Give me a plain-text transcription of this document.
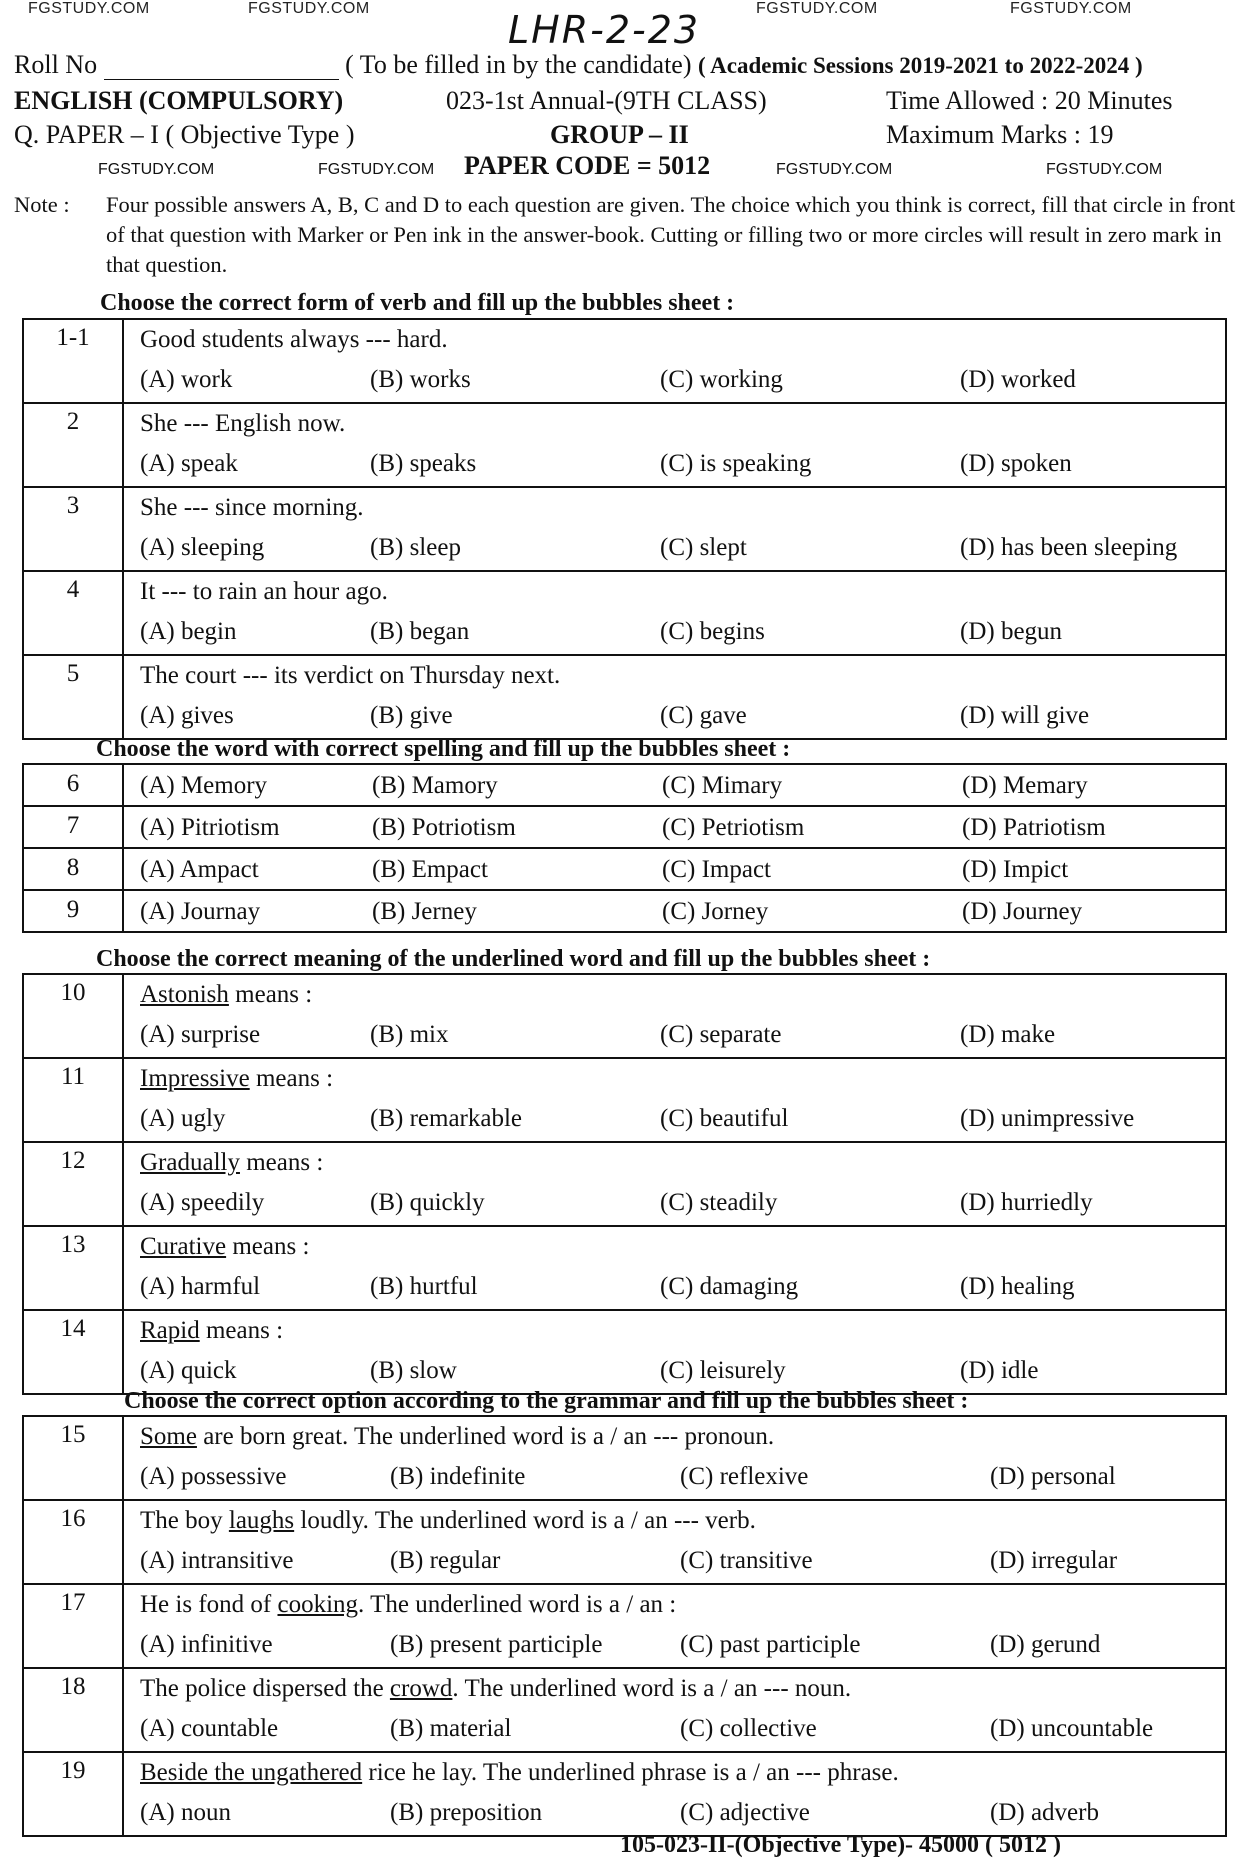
FGSTUDY.COM	FGSTUDY.COM	FGSTUDY.COM	FGSTUDY.COM
LHR-2-23
Roll No	( To be filled in by the candidate) ( Academic Sessions 2019-2021 to 2022-2024 )
ENGLISH (COMPULSORY)	023-1st Annual-(9TH CLASS)	Time Allowed : 20 Minutes
Q. PAPER – I ( Objective Type )	GROUP – II	Maximum Marks : 19
FGSTUDY.COM	FGSTUDY.COM PAPER CODE = 5012	FGSTUDY.COM	FGSTUDY.COM
Note : Four possible answers A, B, C and D to each question are given. The choice which you think is correct, fill that circle in front of that question with Marker or Pen ink in the answer-book. Cutting or filling two or more circles will result in zero mark in that question.
Choose the correct form of verb and fill up the bubbles sheet :
1-1	Good students always --- hard.
(A) work (B) works (C) working (D) worked

2	She --- English now.
(A) speak (B) speaks (C) is speaking (D) spoken

3	She --- since morning.
(A) sleeping (B) sleep (C) slept (D) has been sleeping

4	It --- to rain an hour ago.
(A) begin (B) began (C) begins (D) begun

5	The court --- its verdict on Thursday next.
(A) gives (B) give (C) gave (D) will give
Choose the word with correct spelling and fill up the bubbles sheet :
6	(A) Memory (B) Mamory (C) Mimary (D) Memary

7	(A) Pitriotism (B) Potriotism (C) Petriotism (D) Patriotism

8	(A) Ampact (B) Empact (C) Impact (D) Impict

9	(A) Journay (B) Jerney (C) Jorney (D) Journey
Choose the correct meaning of the underlined word and fill up the bubbles sheet :
10	Astonish means :
(A) surprise (B) mix (C) separate (D) make

11	Impressive means :
(A) ugly (B) remarkable (C) beautiful (D) unimpressive

12	Gradually means :
(A) speedily (B) quickly (C) steadily (D) hurriedly

13	Curative means :
(A) harmful (B) hurtful (C) damaging (D) healing

14	Rapid means :
(A) quick (B) slow (C) leisurely (D) idle
Choose the correct option according to the grammar and fill up the bubbles sheet :
15	Some are born great. The underlined word is a / an --- pronoun.
(A) possessive (B) indefinite (C) reflexive (D) personal

16	The boy laughs loudly. The underlined word is a / an --- verb.
(A) intransitive (B) regular (C) transitive (D) irregular

17	He is fond of cooking. The underlined word is a / an :
(A) infinitive (B) present participle (C) past participle (D) gerund

18	The police dispersed the crowd. The underlined word is a / an --- noun.
(A) countable (B) material (C) collective (D) uncountable

19	Beside the ungathered rice he lay. The underlined phrase is a / an --- phrase.
(A) noun (B) preposition (C) adjective (D) adverb
105-023-II-(Objective Type)- 45000 ( 5012 )
